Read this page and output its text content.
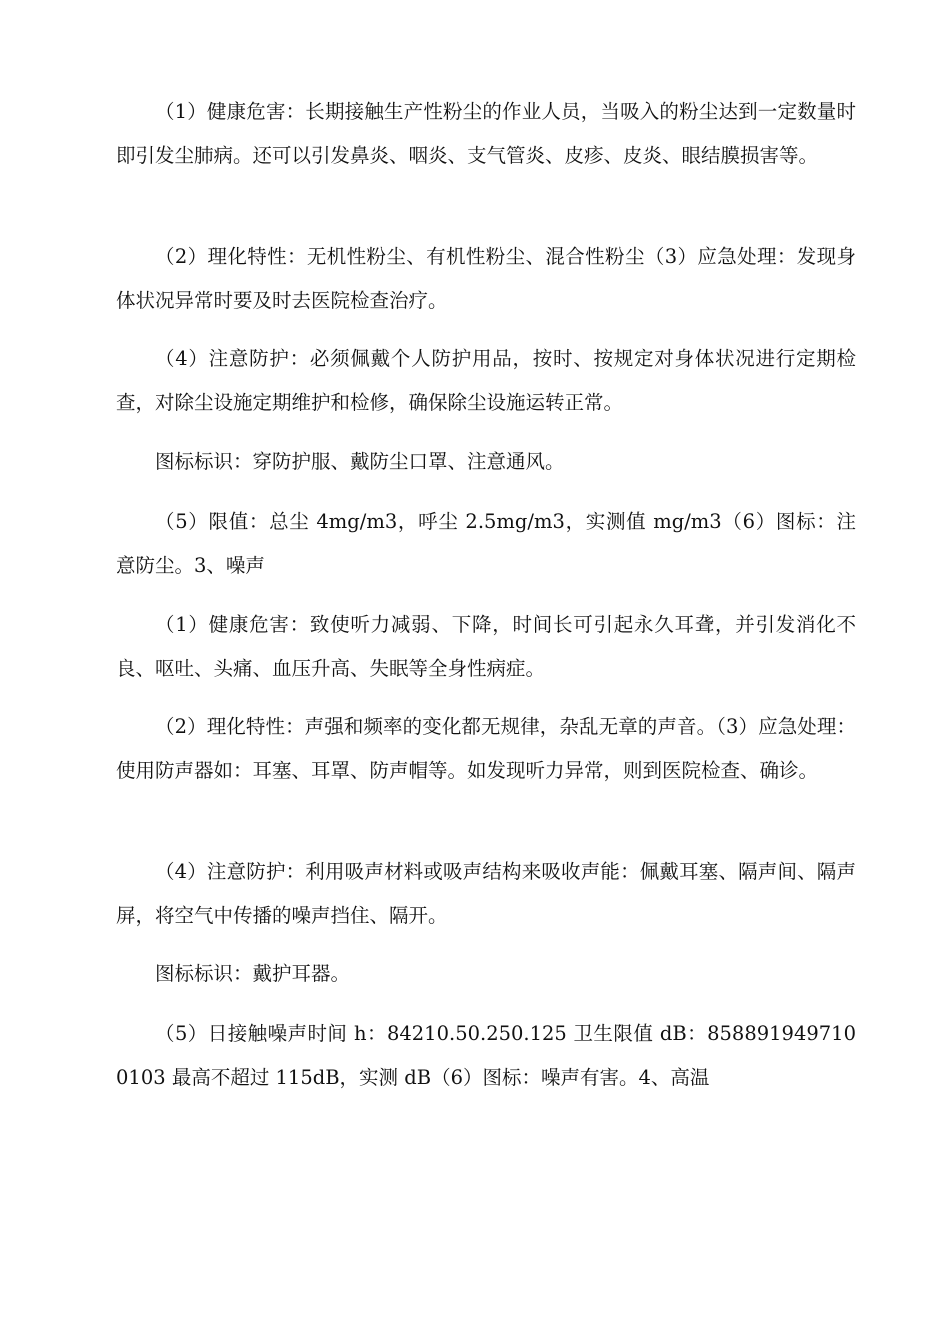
（1）健康危害：长期接触生产性粉尘的作业人员，当吸入的粉尘达到一定数量时即引发尘肺病。还可以引发鼻炎、咽炎、支气管炎、皮疹、皮炎、眼结膜损害等。

（2）理化特性：无机性粉尘、有机性粉尘、混合性粉尘（3）应急处理：发现身体状况异常时要及时去医院检查治疗。

（4）注意防护：必须佩戴个人防护用品，按时、按规定对身体状况进行定期检查，对除尘设施定期维护和检修，确保除尘设施运转正常。

图标标识：穿防护服、戴防尘口罩、注意通风。

（5）限值：总尘 4mg/m3，呼尘 2.5mg/m3，实测值 mg/m3（6）图标：注意防尘。3、噪声

（1）健康危害：致使听力减弱、下降，时间长可引起永久耳聋，并引发消化不良、呕吐、头痛、血压升高、失眠等全身性病症。

（2）理化特性：声强和频率的变化都无规律，杂乱无章的声音。（3）应急处理：使用防声器如：耳塞、耳罩、防声帽等。如发现听力异常，则到医院检查、确诊。

（4）注意防护：利用吸声材料或吸声结构来吸收声能：佩戴耳塞、隔声间、隔声屏，将空气中传播的噪声挡住、隔开。

图标标识：戴护耳器。

（5）日接触噪声时间 h：84210.50.250.125 卫生限值 dB：8588919497100103 最高不超过 115dB，实测 dB（6）图标：噪声有害。4、高温
